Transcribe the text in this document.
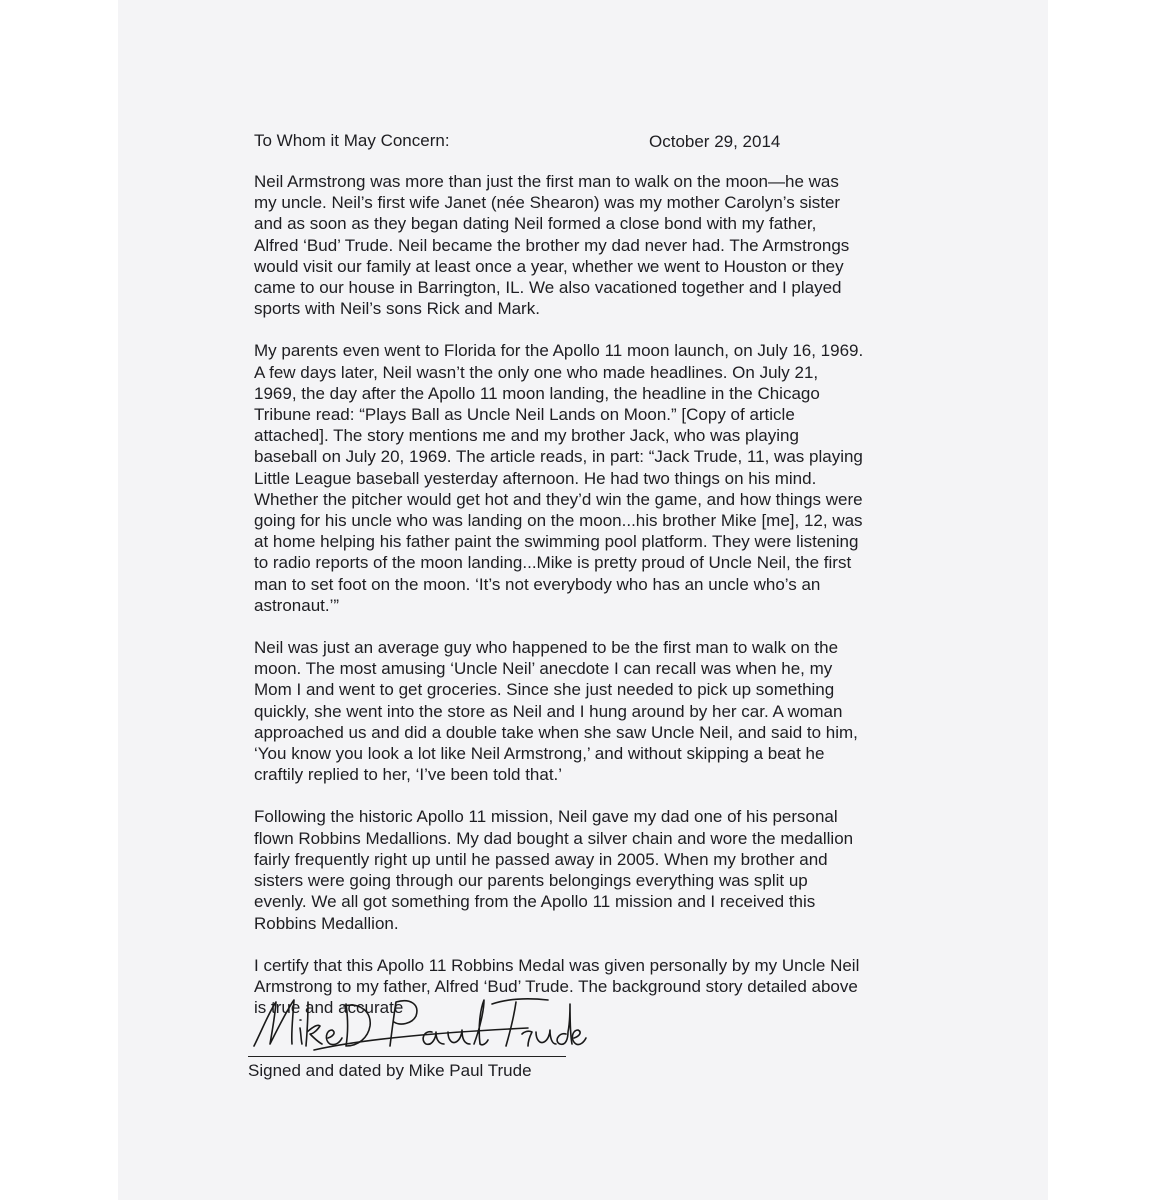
To Whom it May Concern:	October 29, 2014

Neil Armstrong was more than just the first man to walk on the moon—he was
my uncle. Neil’s first wife Janet (née Shearon) was my mother Carolyn’s sister
and as soon as they began dating Neil formed a close bond with my father,
Alfred ‘Bud’ Trude. Neil became the brother my dad never had. The Armstrongs
would visit our family at least once a year, whether we went to Houston or they
came to our house in Barrington, IL. We also vacationed together and I played
sports with Neil’s sons Rick and Mark.

My parents even went to Florida for the Apollo 11 moon launch, on July 16, 1969.
A few days later, Neil wasn’t the only one who made headlines. On July 21,
1969, the day after the Apollo 11 moon landing, the headline in the Chicago
Tribune read: “Plays Ball as Uncle Neil Lands on Moon.” [Copy of article
attached]. The story mentions me and my brother Jack, who was playing
baseball on July 20, 1969. The article reads, in part: “Jack Trude, 11, was playing
Little League baseball yesterday afternoon. He had two things on his mind.
Whether the pitcher would get hot and they’d win the game, and how things were
going for his uncle who was landing on the moon...his brother Mike [me], 12, was
at home helping his father paint the swimming pool platform. They were listening
to radio reports of the moon landing...Mike is pretty proud of Uncle Neil, the first
man to set foot on the moon. ‘It’s not everybody who has an uncle who’s an
astronaut.’”

Neil was just an average guy who happened to be the first man to walk on the
moon. The most amusing ‘Uncle Neil’ anecdote I can recall was when he, my
Mom I and went to get groceries. Since she just needed to pick up something
quickly, she went into the store as Neil and I hung around by her car. A woman
approached us and did a double take when she saw Uncle Neil, and said to him,
‘You know you look a lot like Neil Armstrong,’ and without skipping a beat he
craftily replied to her, ‘I’ve been told that.’

Following the historic Apollo 11 mission, Neil gave my dad one of his personal
flown Robbins Medallions. My dad bought a silver chain and wore the medallion
fairly frequently right up until he passed away in 2005. When my brother and
sisters were going through our parents belongings everything was split up
evenly. We all got something from the Apollo 11 mission and I received this
Robbins Medallion.

I certify that this Apollo 11 Robbins Medal was given personally by my Uncle Neil
Armstrong to my father, Alfred ‘Bud’ Trude. The background story detailed above
is true and accurate

Signed and dated by Mike Paul Trude
